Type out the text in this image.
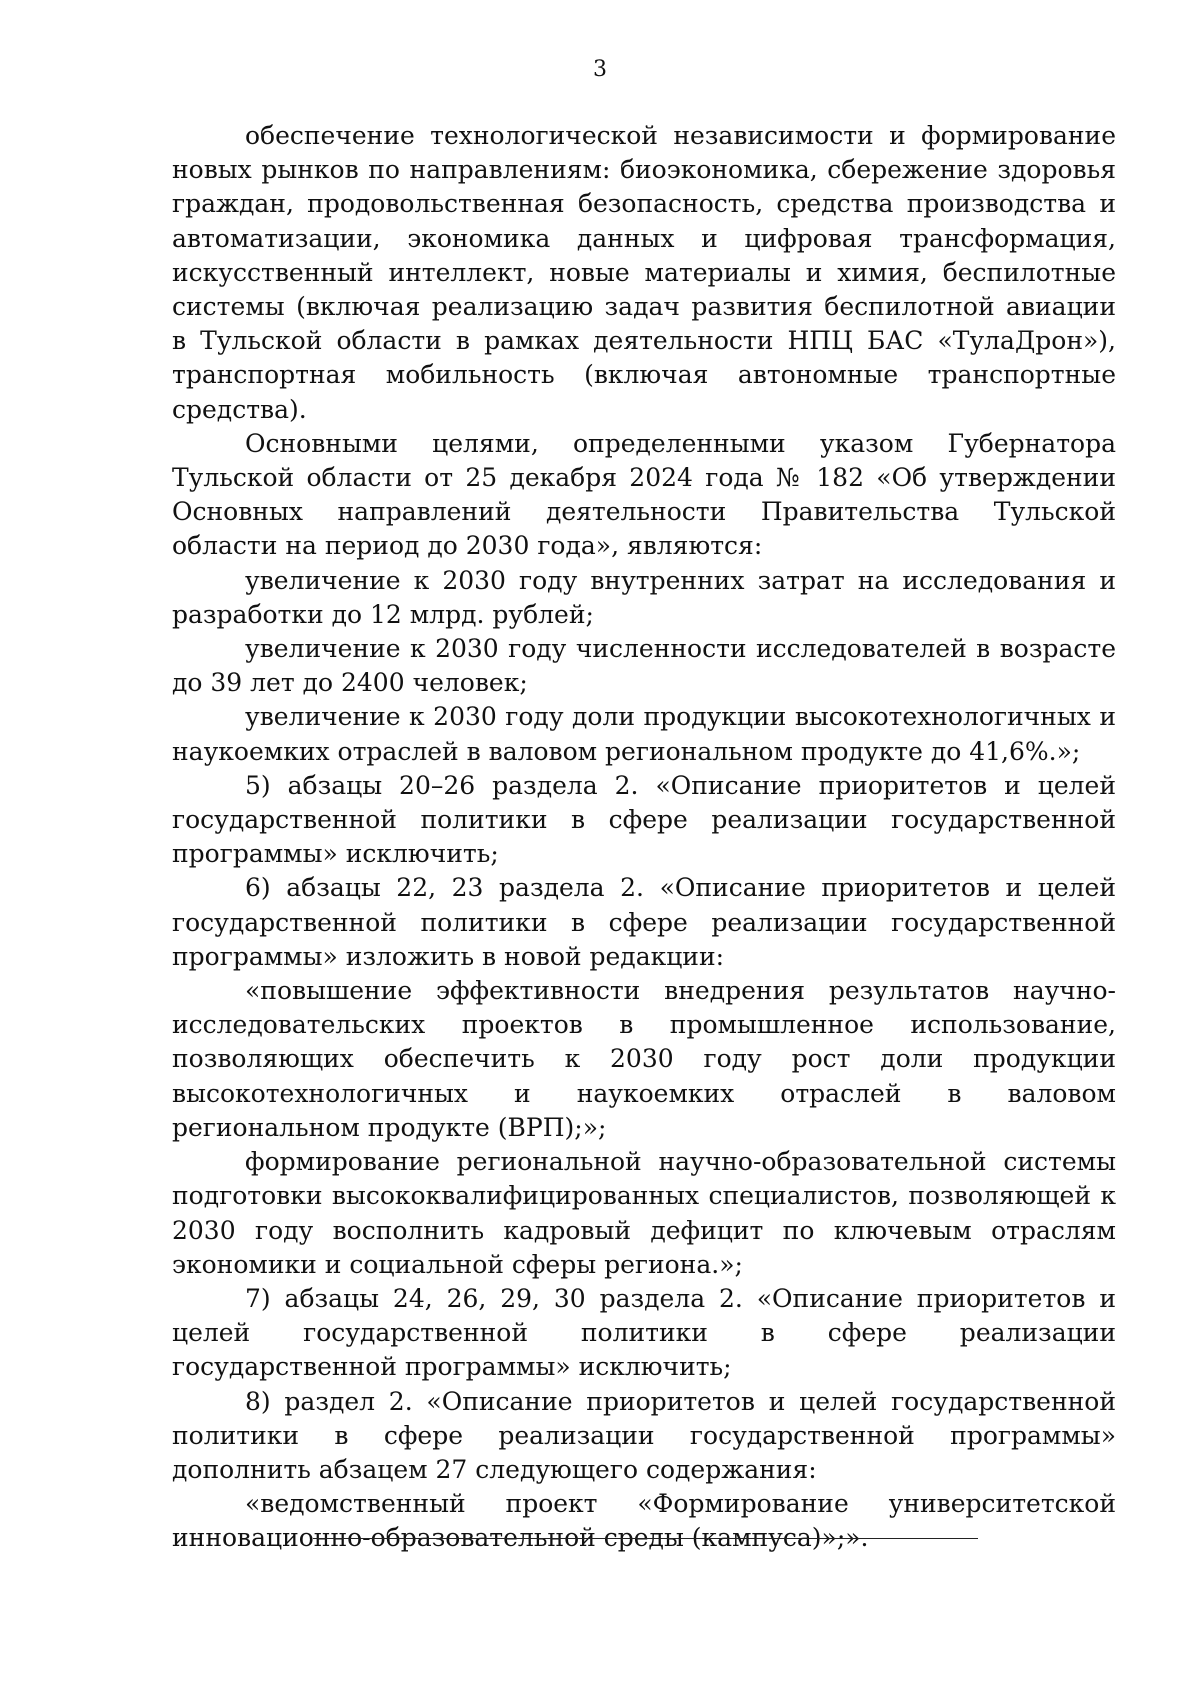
3

обеспечение технологической независимости и формирование новых рынков по направлениям: биоэкономика, сбережение здоровья граждан, продовольственная безопасность, средства производства и автоматизации, экономика данных и цифровая трансформация, искусственный интеллект, новые материалы и химия, беспилотные системы (включая реализацию задач развития беспилотной авиации в Тульской области в рамках деятельности НПЦ БАС «ТулаДрон»), транспортная мобильность (включая автономные транспортные средства).

Основными целями, определенными указом Губернатора Тульской области от 25 декабря 2024 года № 182 «Об утверждении Основных направлений деятельности Правительства Тульской области на период до 2030 года», являются:

увеличение к 2030 году внутренних затрат на исследования и разработки до 12 млрд. рублей;

увеличение к 2030 году численности исследователей в возрасте до 39 лет до 2400 человек;

увеличение к 2030 году доли продукции высокотехнологичных и наукоемких отраслей в валовом региональном продукте до 41,6%.»;

5) абзацы 20–26 раздела 2. «Описание приоритетов и целей государственной политики в сфере реализации государственной программы» исключить;

6) абзацы 22, 23 раздела 2. «Описание приоритетов и целей государственной политики в сфере реализации государственной программы» изложить в новой редакции:

«повышение эффективности внедрения результатов научно-исследовательских проектов в промышленное использование, позволяющих обеспечить к 2030 году рост доли продукции высокотехнологичных и наукоемких отраслей в валовом региональном продукте (ВРП);»;

формирование региональной научно-образовательной системы подготовки высококвалифицированных специалистов, позволяющей к 2030 году восполнить кадровый дефицит по ключевым отраслям экономики и социальной сферы региона.»;

7) абзацы 24, 26, 29, 30 раздела 2. «Описание приоритетов и целей государственной политики в сфере реализации государственной программы» исключить;

8) раздел 2. «Описание приоритетов и целей государственной политики в сфере реализации государственной программы» дополнить абзацем 27 следующего содержания:

«ведомственный проект «Формирование университетской инновационно-образовательной среды (кампуса)»;».
